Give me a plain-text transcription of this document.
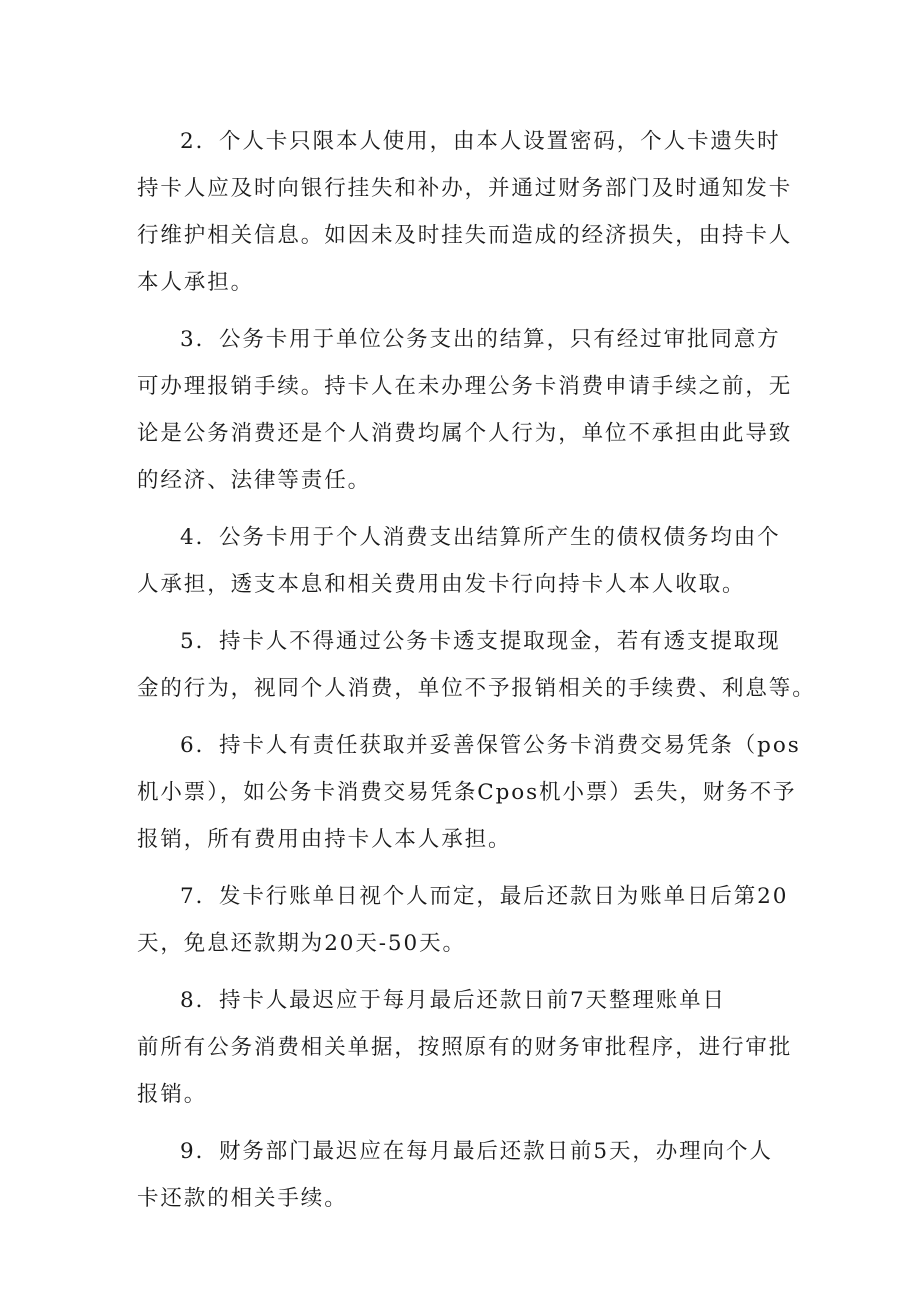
2．个人卡只限本人使用，由本人设置密码，个人卡遗失时
持卡人应及时向银行挂失和补办，并通过财务部门及时通知发卡
行维护相关信息。如因未及时挂失而造成的经济损失，由持卡人
本人承担。

3．公务卡用于单位公务支出的结算，只有经过审批同意方
可办理报销手续。持卡人在未办理公务卡消费申请手续之前，无
论是公务消费还是个人消费均属个人行为，单位不承担由此导致
的经济、法律等责任。

4．公务卡用于个人消费支出结算所产生的债权债务均由个
人承担，透支本息和相关费用由发卡行向持卡人本人收取。

5．持卡人不得通过公务卡透支提取现金，若有透支提取现
金的行为，视同个人消费，单位不予报销相关的手续费、利息等。

6．持卡人有责任获取并妥善保管公务卡消费交易凭条（pos
机小票），如公务卡消费交易凭条Cpos机小票）丢失，财务不予
报销，所有费用由持卡人本人承担。

7．发卡行账单日视个人而定，最后还款日为账单日后第20
天，免息还款期为20天-50天。

8．持卡人最迟应于每月最后还款日前7天整理账单日
前所有公务消费相关单据，按照原有的财务审批程序，进行审批
报销。

9．财务部门最迟应在每月最后还款日前5天，办理向个人
卡还款的相关手续。
